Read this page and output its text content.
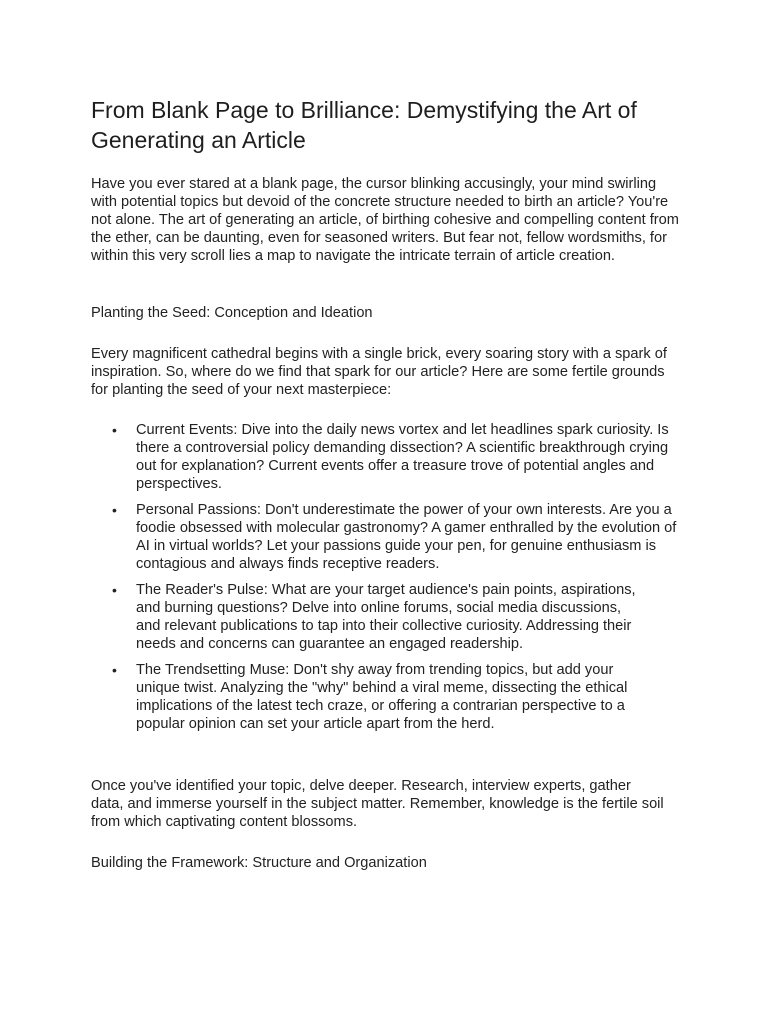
From Blank Page to Brilliance: Demystifying the Art of Generating an Article

Have you ever stared at a blank page, the cursor blinking accusingly, your mind swirling with potential topics but devoid of the concrete structure needed to birth an article? You're not alone. The art of generating an article, of birthing cohesive and compelling content from the ether, can be daunting, even for seasoned writers. But fear not, fellow wordsmiths, for within this very scroll lies a map to navigate the intricate terrain of article creation.

Planting the Seed: Conception and Ideation

Every magnificent cathedral begins with a single brick, every soaring story with a spark of inspiration. So, where do we find that spark for our article? Here are some fertile grounds for planting the seed of your next masterpiece:

• Current Events: Dive into the daily news vortex and let headlines spark curiosity. Is there a controversial policy demanding dissection? A scientific breakthrough crying out for explanation? Current events offer a treasure trove of potential angles and perspectives.
• Personal Passions: Don't underestimate the power of your own interests. Are you a foodie obsessed with molecular gastronomy? A gamer enthralled by the evolution of AI in virtual worlds? Let your passions guide your pen, for genuine enthusiasm is contagious and always finds receptive readers.
• The Reader's Pulse: What are your target audience's pain points, aspirations, and burning questions? Delve into online forums, social media discussions, and relevant publications to tap into their collective curiosity. Addressing their needs and concerns can guarantee an engaged readership.
• The Trendsetting Muse: Don't shy away from trending topics, but add your unique twist. Analyzing the "why" behind a viral meme, dissecting the ethical implications of the latest tech craze, or offering a contrarian perspective to a popular opinion can set your article apart from the herd.

Once you've identified your topic, delve deeper. Research, interview experts, gather data, and immerse yourself in the subject matter. Remember, knowledge is the fertile soil from which captivating content blossoms.

Building the Framework: Structure and Organization
